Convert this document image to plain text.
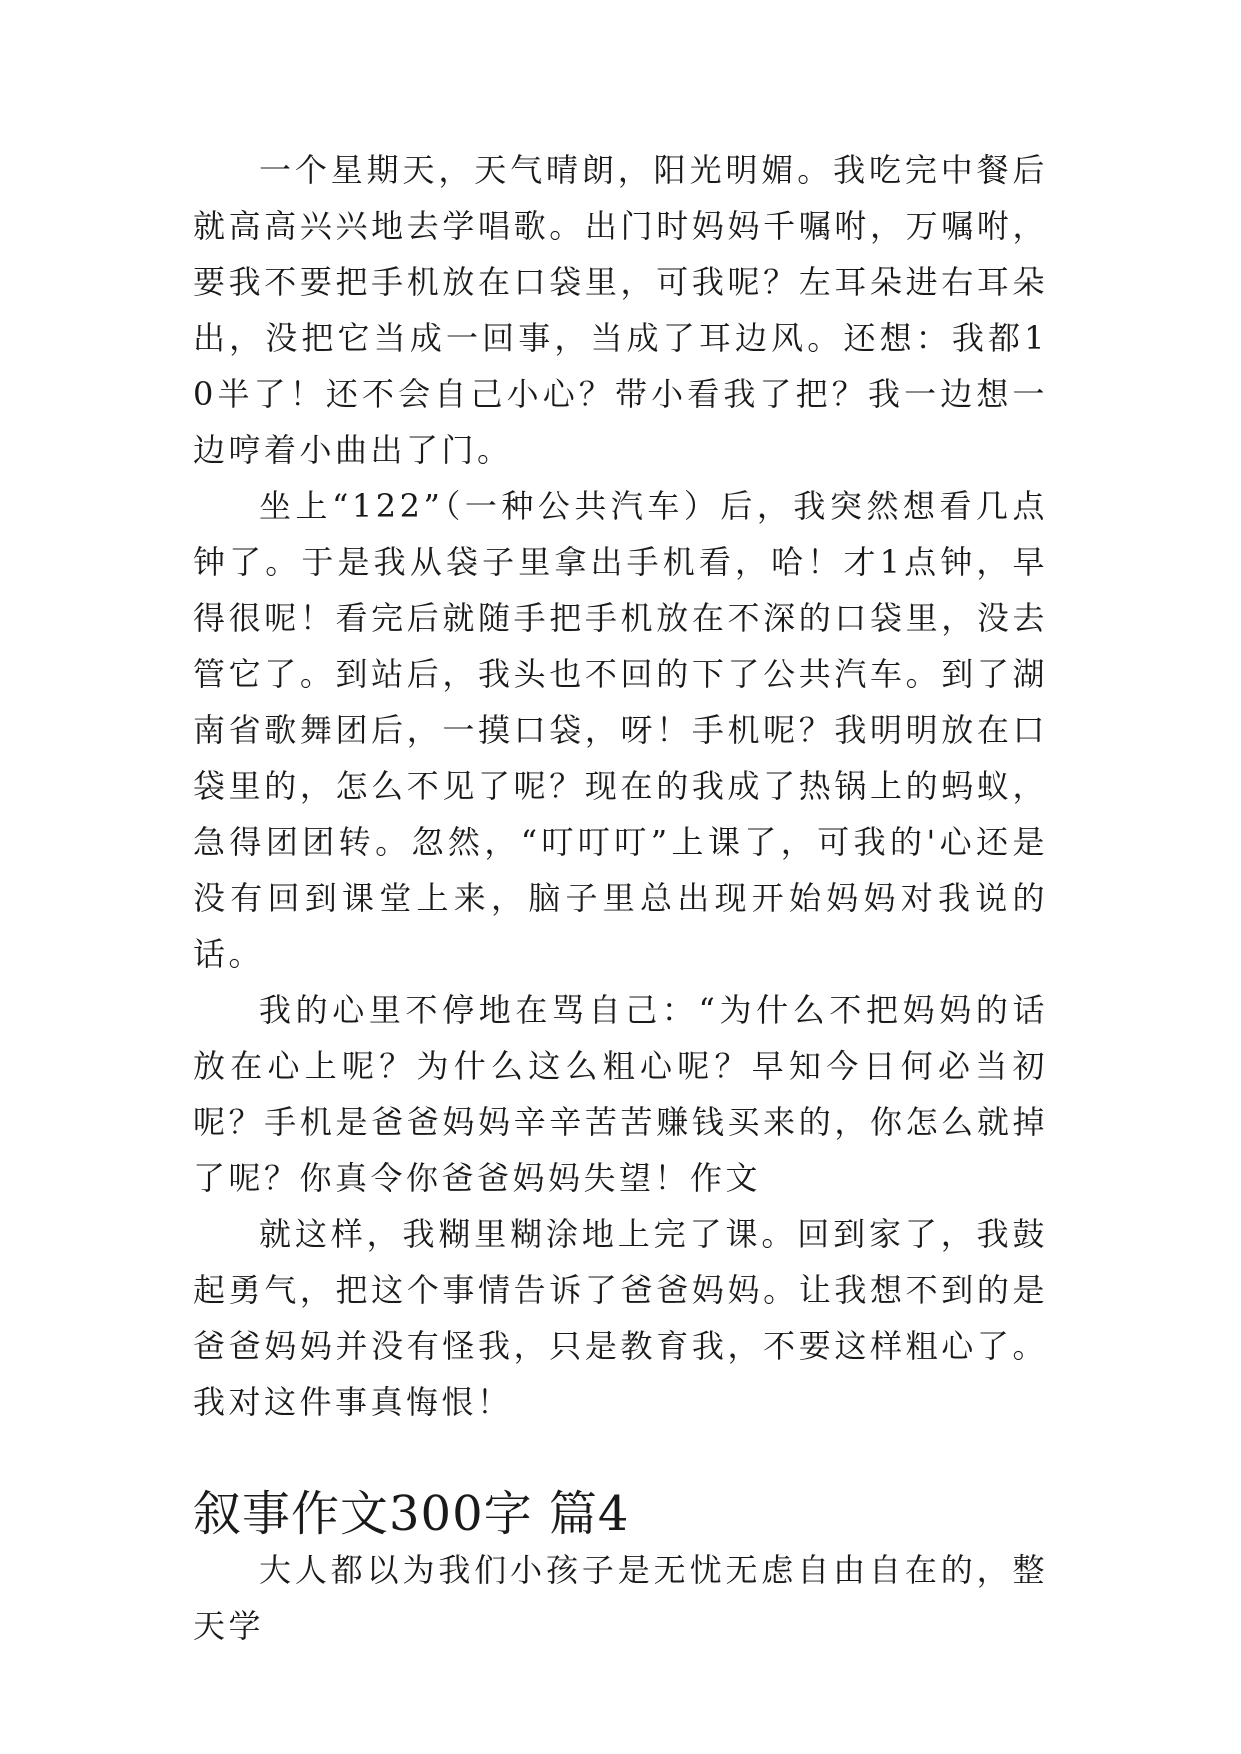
一个星期天，天气晴朗，阳光明媚。我吃完中餐后就高高兴兴地去学唱歌。出门时妈妈千嘱咐，万嘱咐，要我不要把手机放在口袋里，可我呢？左耳朵进右耳朵出，没把它当成一回事，当成了耳边风。还想：我都10半了！还不会自己小心？带小看我了把？我一边想一边哼着小曲出了门。

坐上“122”（一种公共汽车）后，我突然想看几点钟了。于是我从袋子里拿出手机看，哈！才1点钟，早得很呢！看完后就随手把手机放在不深的口袋里，没去管它了。到站后，我头也不回的下了公共汽车。到了湖南省歌舞团后，一摸口袋，呀！手机呢？我明明放在口袋里的，怎么不见了呢？现在的我成了热锅上的蚂蚁，急得团团转。忽然，“叮叮叮”上课了，可我的'心还是没有回到课堂上来，脑子里总出现开始妈妈对我说的话。

我的心里不停地在骂自己：“为什么不把妈妈的话放在心上呢？为什么这么粗心呢？早知今日何必当初呢？手机是爸爸妈妈辛辛苦苦赚钱买来的，你怎么就掉了呢？你真令你爸爸妈妈失望！作文

就这样，我糊里糊涂地上完了课。回到家了，我鼓起勇气，把这个事情告诉了爸爸妈妈。让我想不到的是爸爸妈妈并没有怪我，只是教育我，不要这样粗心了。我对这件事真悔恨！

叙事作文300字 篇4

大人都以为我们小孩子是无忧无虑自由自在的，整天学
